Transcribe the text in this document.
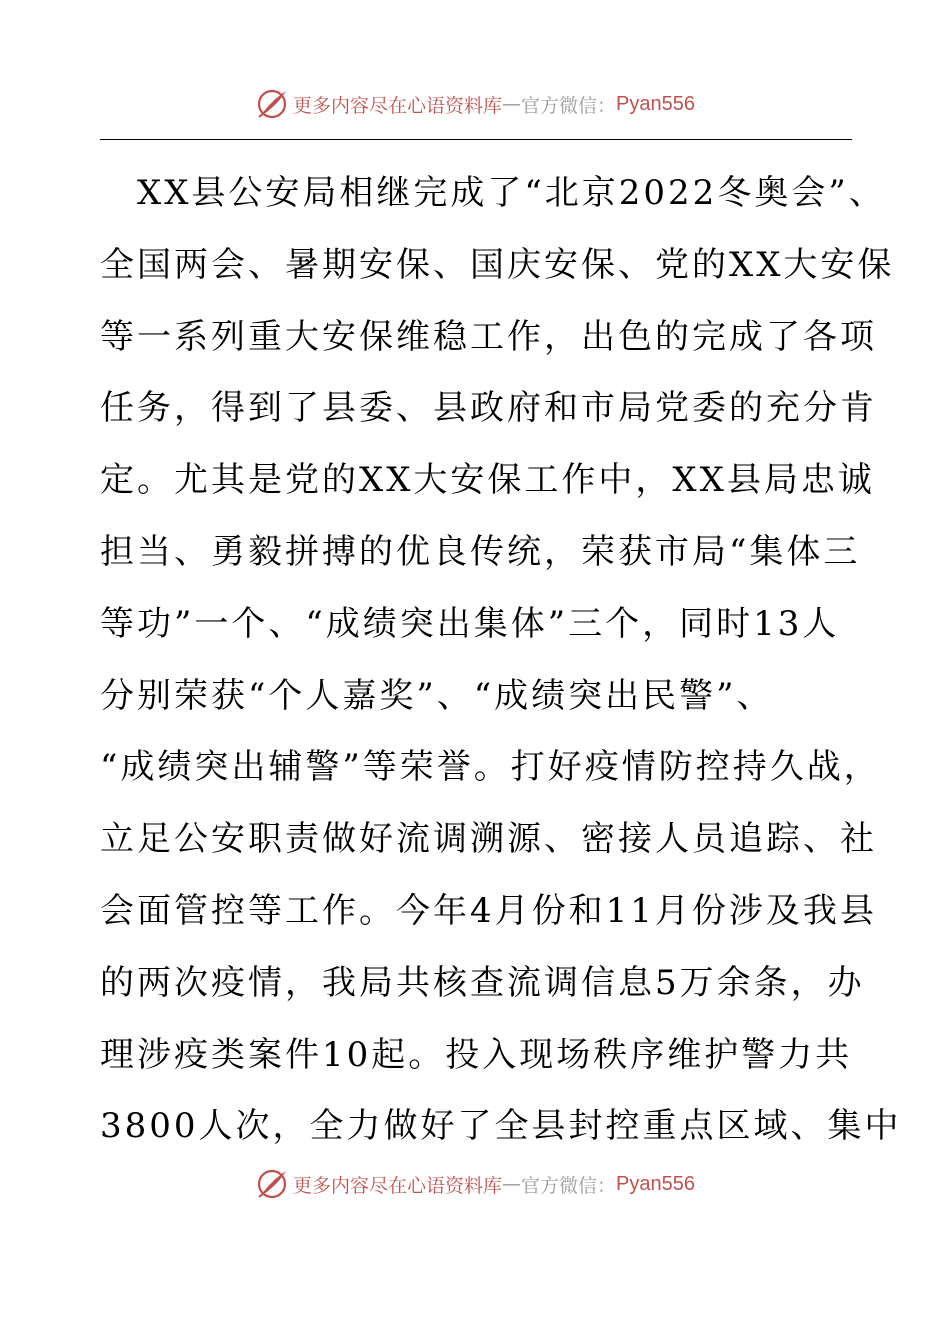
更多内容尽在心语资料库 — 官方微信： Pyan556
　XX县公安局相继完成了“北京2022冬奥会”、
全国两会、暑期安保、国庆安保、党的XX大安保
等一系列重大安保维稳工作，出色的完成了各项
任务，得到了县委、县政府和市局党委的充分肯
定。尤其是党的XX大安保工作中，XX县局忠诚
担当、勇毅拼搏的优良传统，荣获市局“集体三
等功”一个、“成绩突出集体”三个，同时13人
分别荣获“个人嘉奖”、“成绩突出民警”、
“成绩突出辅警”等荣誉。打好疫情防控持久战，
立足公安职责做好流调溯源、密接人员追踪、社
会面管控等工作。今年4月份和11月份涉及我县
的两次疫情，我局共核查流调信息5万余条，办
理涉疫类案件10起。投入现场秩序维护警力共
3800人次，全力做好了全县封控重点区域、集中
更多内容尽在心语资料库 — 官方微信： Pyan556
